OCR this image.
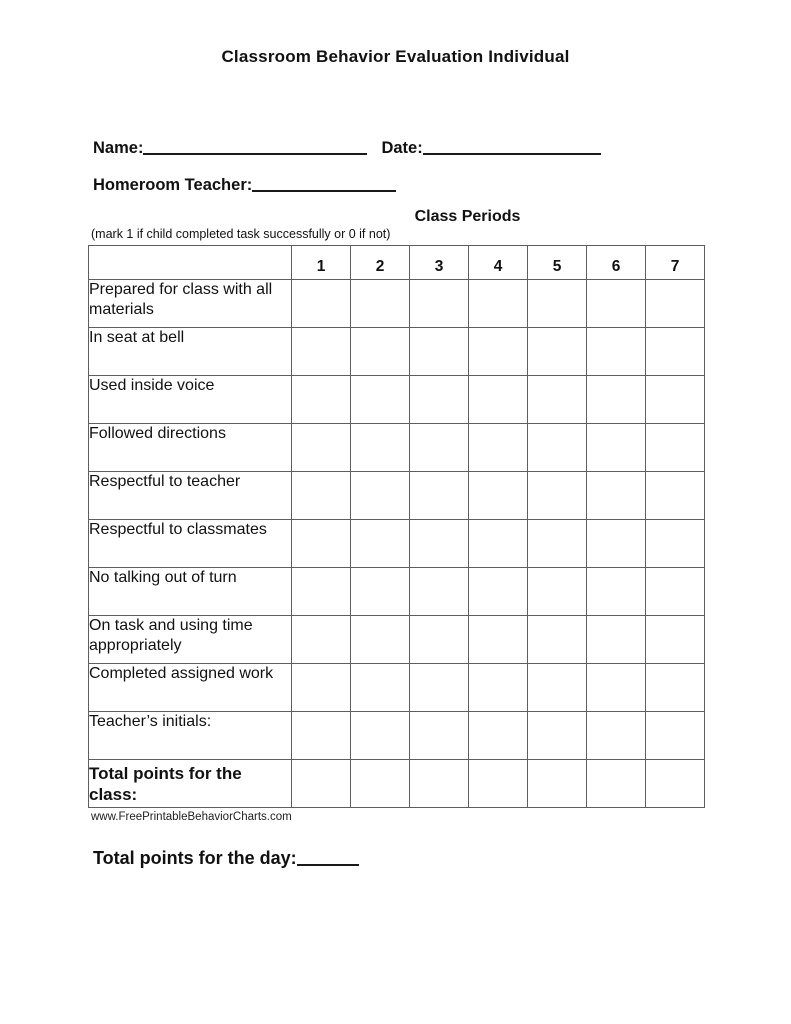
Classroom Behavior Evaluation Individual
Name:	Date:
Homeroom Teacher:
Class Periods
(mark 1 if child completed task successfully or 0 if not)
	1	2	3	4	5	6	7
Prepared for class with all materials							
In seat at bell							
Used inside voice							
Followed directions							
Respectful to teacher							
Respectful to classmates							
No talking out of turn							
On task and using time appropriately							
Completed assigned work							
Teacher’s initials:							
Total points for the class:							
www.FreePrintableBehaviorCharts.com
Total points for the day:
